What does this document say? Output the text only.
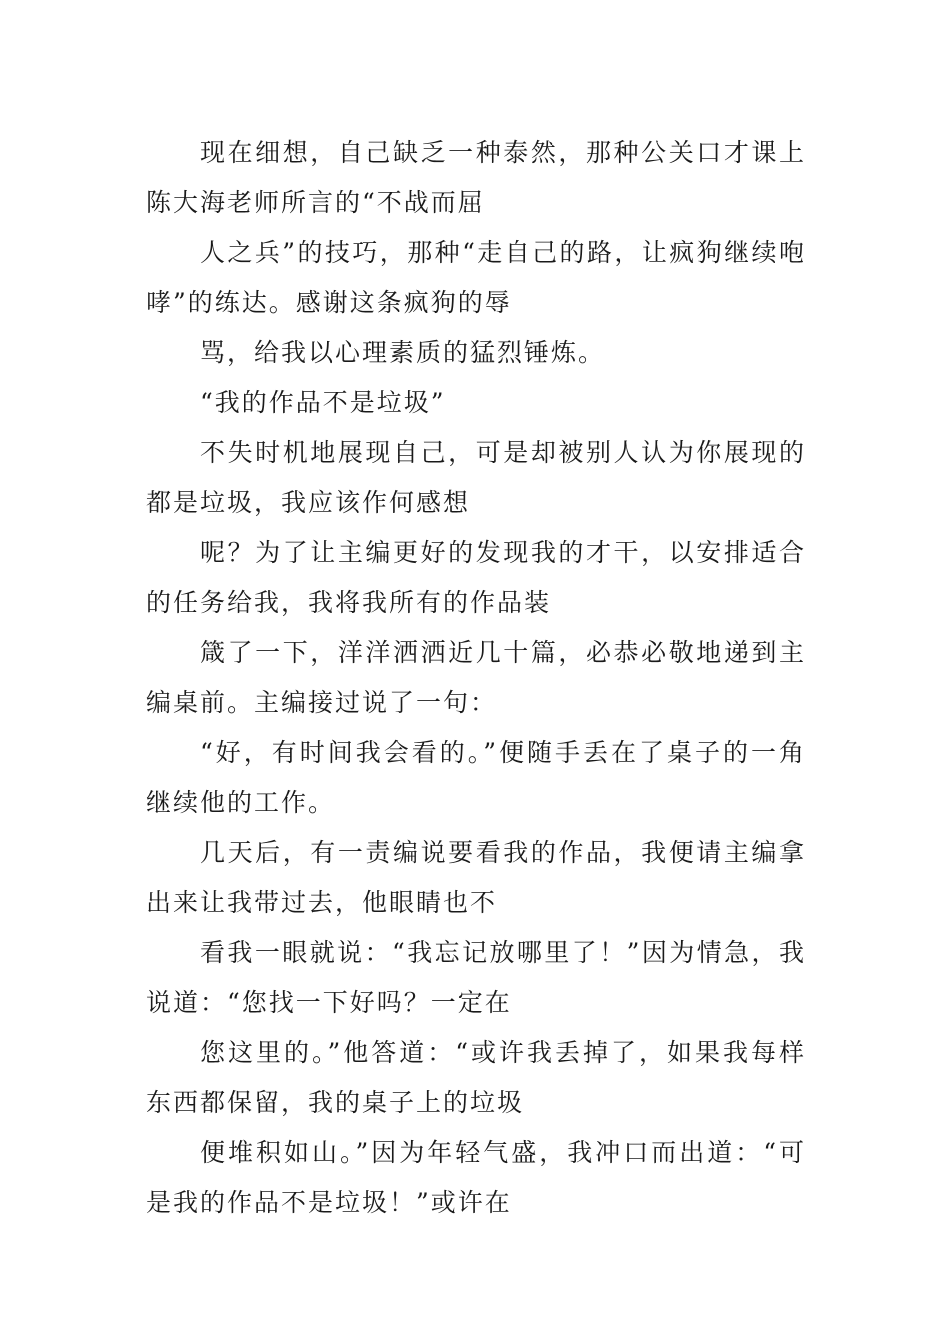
现在细想，自己缺乏一种泰然，那种公关口才课上陈大海老师所言的“不战而屈

人之兵”的技巧，那种“走自己的路，让疯狗继续咆哮”的练达。感谢这条疯狗的辱

骂，给我以心理素质的猛烈锤炼。

“我的作品不是垃圾”

不失时机地展现自己，可是却被别人认为你展现的都是垃圾，我应该作何感想

呢？为了让主编更好的发现我的才干，以安排适合的任务给我，我将我所有的作品装

箴了一下，洋洋洒洒近几十篇，必恭必敬地递到主编桌前。主编接过说了一句：

“好，有时间我会看的。”便随手丢在了桌子的一角继续他的工作。

几天后，有一责编说要看我的作品，我便请主编拿出来让我带过去，他眼睛也不

看我一眼就说：“我忘记放哪里了！”因为情急，我说道：“您找一下好吗？一定在

您这里的。”他答道：“或许我丢掉了，如果我每样东西都保留，我的桌子上的垃圾

便堆积如山。”因为年轻气盛，我冲口而出道：“可是我的作品不是垃圾！”或许在
